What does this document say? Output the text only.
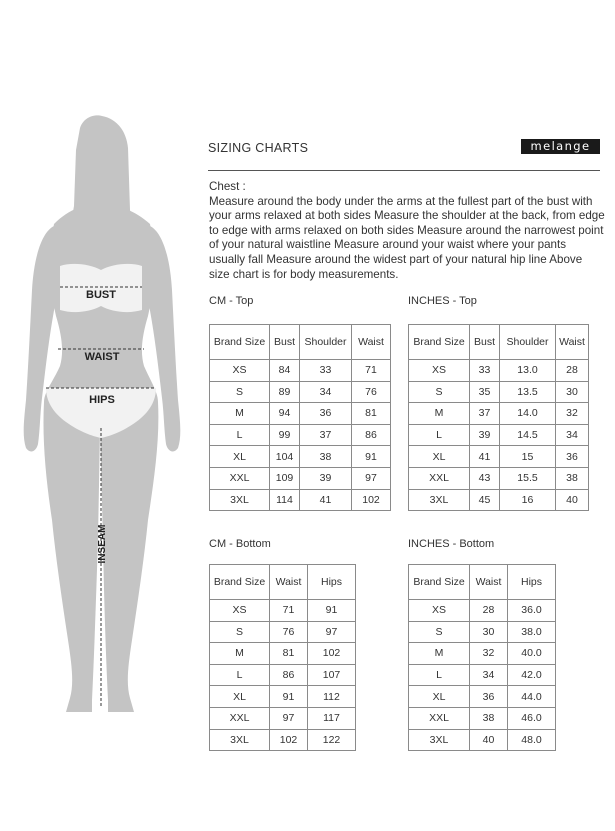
BUST
WAIST
HIPS
INSEAM
SIZING CHARTS	melange

Chest :

Measure around the body under the arms at the fullest part of the bust with your arms relaxed at both sides Measure the shoulder at the back, from edge to edge with arms relaxed on both sides Measure around the narrowest point of your natural waistline Measure around your waist where your pants usually fall Measure around the widest part of your natural hip line Above size chart is for body measurements.

CM - Top
Brand Size	Bust	Shoulder	Waist
XS	84	33	71
S	89	34	76
M	94	36	81
L	99	37	86
XL	104	38	91
XXL	109	39	97
3XL	114	41	102
INCHES - Top
Brand Size	Bust	Shoulder	Waist
XS	33	13.0	28
S	35	13.5	30
M	37	14.0	32
L	39	14.5	34
XL	41	15	36
XXL	43	15.5	38
3XL	45	16	40
CM - Bottom
Brand Size	Waist	Hips
XS	71	91
S	76	97
M	81	102
L	86	107
XL	91	112
XXL	97	117
3XL	102	122
INCHES - Bottom
Brand Size	Waist	Hips
XS	28	36.0
S	30	38.0
M	32	40.0
L	34	42.0
XL	36	44.0
XXL	38	46.0
3XL	40	48.0
